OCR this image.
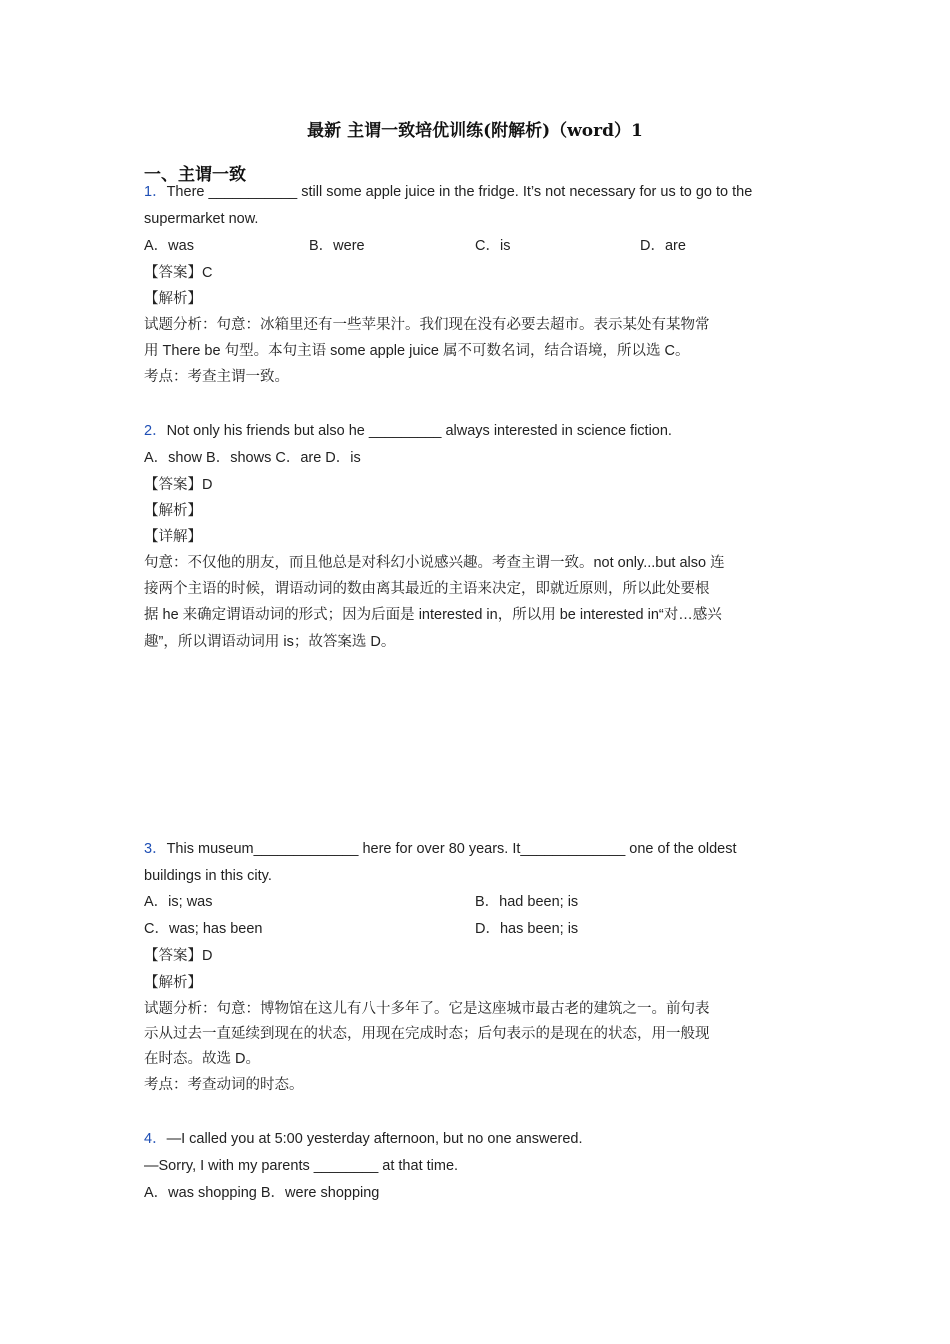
最新 主谓一致培优训练(附解析)（word）1
一、主谓一致
1．There ___________ still some apple juice in the fridge. It’s not necessary for us to go to the
supermarket now.
A．was	B．were	C．is	D．are
【答案】C
【解析】
试题分析：句意：冰箱里还有一些苹果汁。我们现在没有必要去超市。表示某处有某物常
用 There be 句型。本句主语 some apple juice 属不可数名词，结合语境，所以选 C。
考点：考查主谓一致。
2．Not only his friends but also he _________ always interested in science fiction.
A．show B．shows C．are D．is
【答案】D
【解析】
【详解】
句意：不仅他的朋友，而且他总是对科幻小说感兴趣。考查主谓一致。not only...but also 连
接两个主语的时候，谓语动词的数由离其最近的主语来决定，即就近原则，所以此处要根
据 he 来确定谓语动词的形式；因为后面是 interested in，所以用 be interested in“对…感兴
趣”，所以谓语动词用 is；故答案选 D。
3．This museum_____________ here for over 80 years. It_____________ one of the oldest
buildings in this city.
A．is; was	B．had been; is
C．was; has been	D．has been; is
【答案】D
【解析】
试题分析：句意：博物馆在这儿有八十多年了。它是这座城市最古老的建筑之一。前句表
示从过去一直延续到现在的状态，用现在完成时态；后句表示的是现在的状态，用一般现
在时态。故选 D。
考点：考查动词的时态。
4．—I called you at 5:00 yesterday afternoon, but no one answered.
—Sorry, I with my parents ________ at that time.
A．was shopping B．were shopping
